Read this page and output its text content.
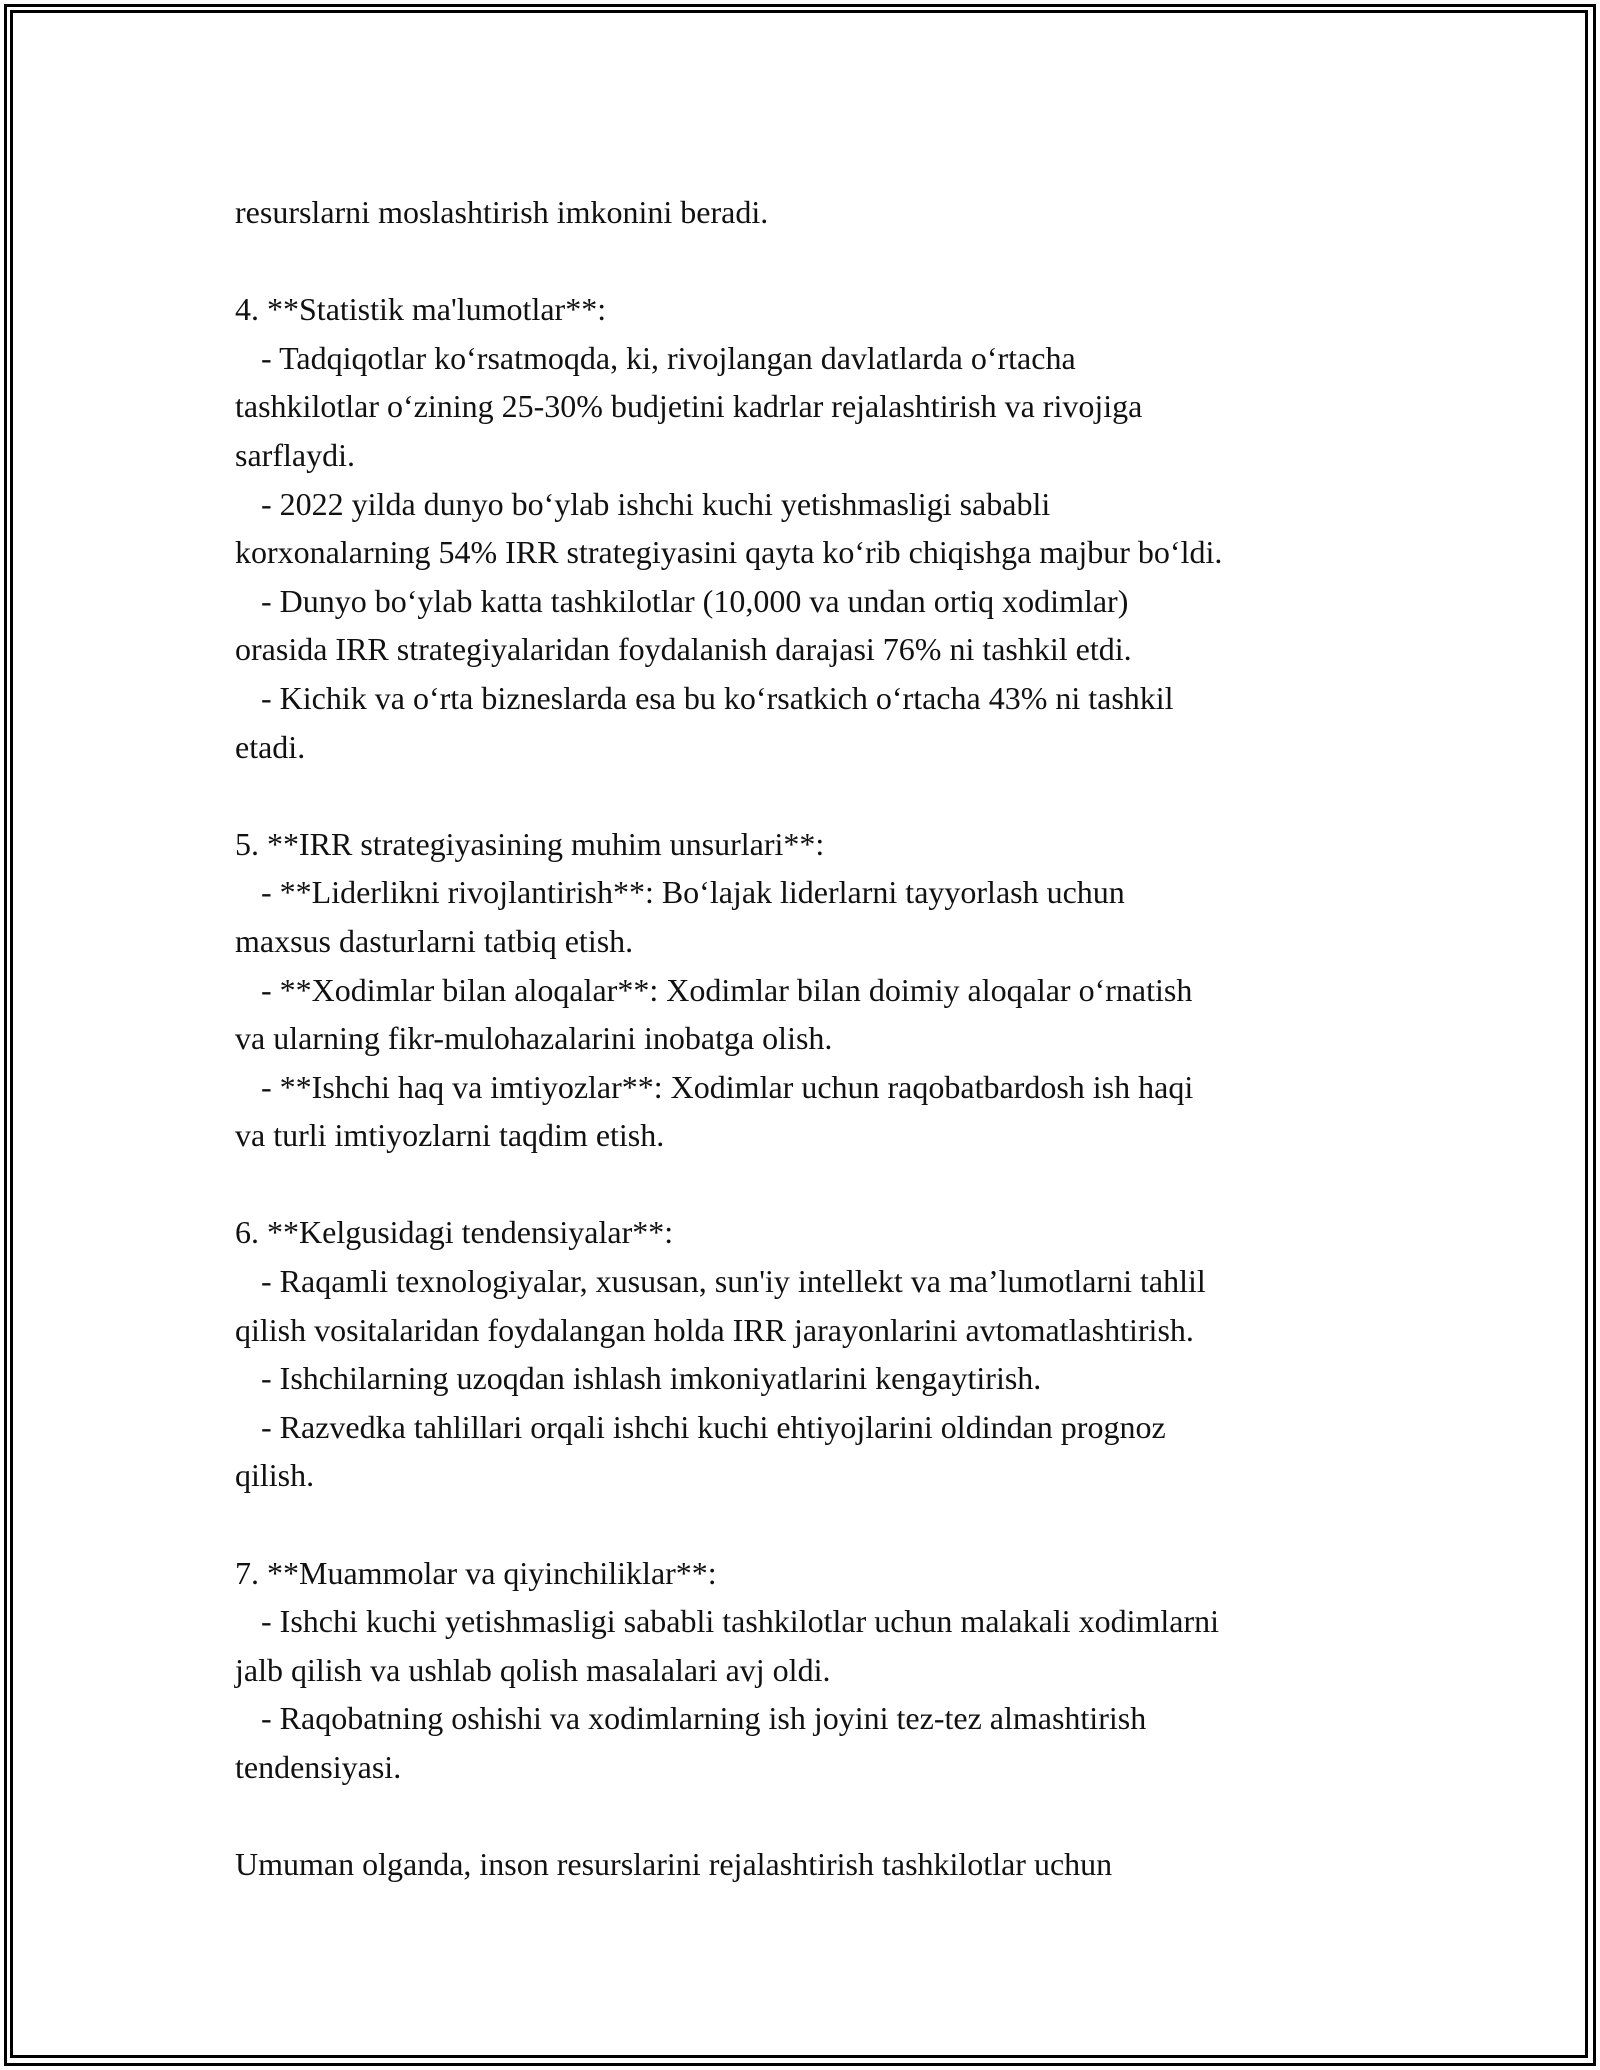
resurslarni moslashtirish imkonini beradi.
4. **Statistik ma'lumotlar**:
- Tadqiqotlar ko‘rsatmoqda, ki, rivojlangan davlatlarda o‘rtacha
tashkilotlar o‘zining 25-30% budjetini kadrlar rejalashtirish va rivojiga
sarflaydi.
- 2022 yilda dunyo bo‘ylab ishchi kuchi yetishmasligi sababli
korxonalarning 54% IRR strategiyasini qayta ko‘rib chiqishga majbur bo‘ldi.
- Dunyo bo‘ylab katta tashkilotlar (10,000 va undan ortiq xodimlar)
orasida IRR strategiyalaridan foydalanish darajasi 76% ni tashkil etdi.
- Kichik va o‘rta bizneslarda esa bu ko‘rsatkich o‘rtacha 43% ni tashkil
etadi.
5. **IRR strategiyasining muhim unsurlari**:
- **Liderlikni rivojlantirish**: Bo‘lajak liderlarni tayyorlash uchun
maxsus dasturlarni tatbiq etish.
- **Xodimlar bilan aloqalar**: Xodimlar bilan doimiy aloqalar o‘rnatish
va ularning fikr-mulohazalarini inobatga olish.
- **Ishchi haq va imtiyozlar**: Xodimlar uchun raqobatbardosh ish haqi
va turli imtiyozlarni taqdim etish.
6. **Kelgusidagi tendensiyalar**:
- Raqamli texnologiyalar, xususan, sun'iy intellekt va ma’lumotlarni tahlil
qilish vositalaridan foydalangan holda IRR jarayonlarini avtomatlashtirish.
- Ishchilarning uzoqdan ishlash imkoniyatlarini kengaytirish.
- Razvedka tahlillari orqali ishchi kuchi ehtiyojlarini oldindan prognoz
qilish.
7. **Muammolar va qiyinchiliklar**:
- Ishchi kuchi yetishmasligi sababli tashkilotlar uchun malakali xodimlarni
jalb qilish va ushlab qolish masalalari avj oldi.
- Raqobatning oshishi va xodimlarning ish joyini tez-tez almashtirish
tendensiyasi.
Umuman olganda, inson resurslarini rejalashtirish tashkilotlar uchun
